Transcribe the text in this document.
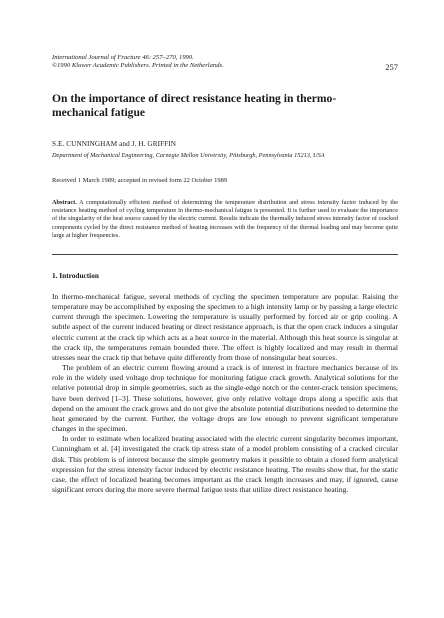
International Journal of Fracture 46: 257–270, 1990.
©1990 Kluwer Academic Publishers. Printed in the Netherlands.	257
On the importance of direct resistance heating in thermo-mechanical fatigue
S.E. CUNNINGHAM and J. H. GRIFFIN
Department of Mechanical Engineering, Carnegie Mellon University, Pittsburgh, Pennsylvania 15213, USA
Received 1 March 1989; accepted in revised form 22 October 1989

Abstract. A computationally efficient method of determining the temperature distribution and stress intensity factor induced by the resistance heating method of cycling temperature in thermo-mechanical fatigue is presented. It is further used to evaluate the importance of the singularity of the heat source caused by the electric current. Results indicate the thermally induced stress intensity factor of cracked components cycled by the direct resistance method of heating increases with the frequency of the thermal loading and may become quite large at higher frequencies.

1. Introduction

In thermo-mechanical fatigue, several methods of cycling the specimen temperature are popular. Raising the temperature may be accomplished by exposing the specimen to a high intensity lamp or by passing a large electric current through the specimen. Lowering the temperature is usually performed by forced air or grip cooling. A subtle aspect of the current induced heating or direct resistance approach, is that the open crack induces a singular electric current at the crack tip which acts as a heat source in the material. Although this heat source is singular at the crack tip, the temperatures remain bounded there. The effect is highly localized and may result in thermal stresses near the crack tip that behave quite differently from those of nonsingular heat sources.

The problem of an electric current flowing around a crack is of interest in fracture mechanics because of its role in the widely used voltage drop technique for monitoring fatigue crack growth. Analytical solutions for the relative potential drop in simple geometries, such as the single-edge notch or the center-crack tension specimens, have been derived [1–3]. These solutions, however, give only relative voltage drops along a specific axis that depend on the amount the crack grows and do not give the absolute potential distributions needed to determine the heat generated by the current. Further, the voltage drops are low enough to prevent significant temperature changes in the specimen.

In order to estimate when localized heating associated with the electric current singularity becomes important, Cunningham et al. [4] investigated the crack tip stress state of a model problem consisting of a cracked circular disk. This problem is of interest because the simple geometry makes it possible to obtain a closed form analytical expression for the stress intensity factor induced by electric resistance heating. The results show that, for the static case, the effect of localized heating becomes important as the crack length increases and may, if ignored, cause significant errors during the more severe thermal fatigue tests that utilize direct resistance heating.
